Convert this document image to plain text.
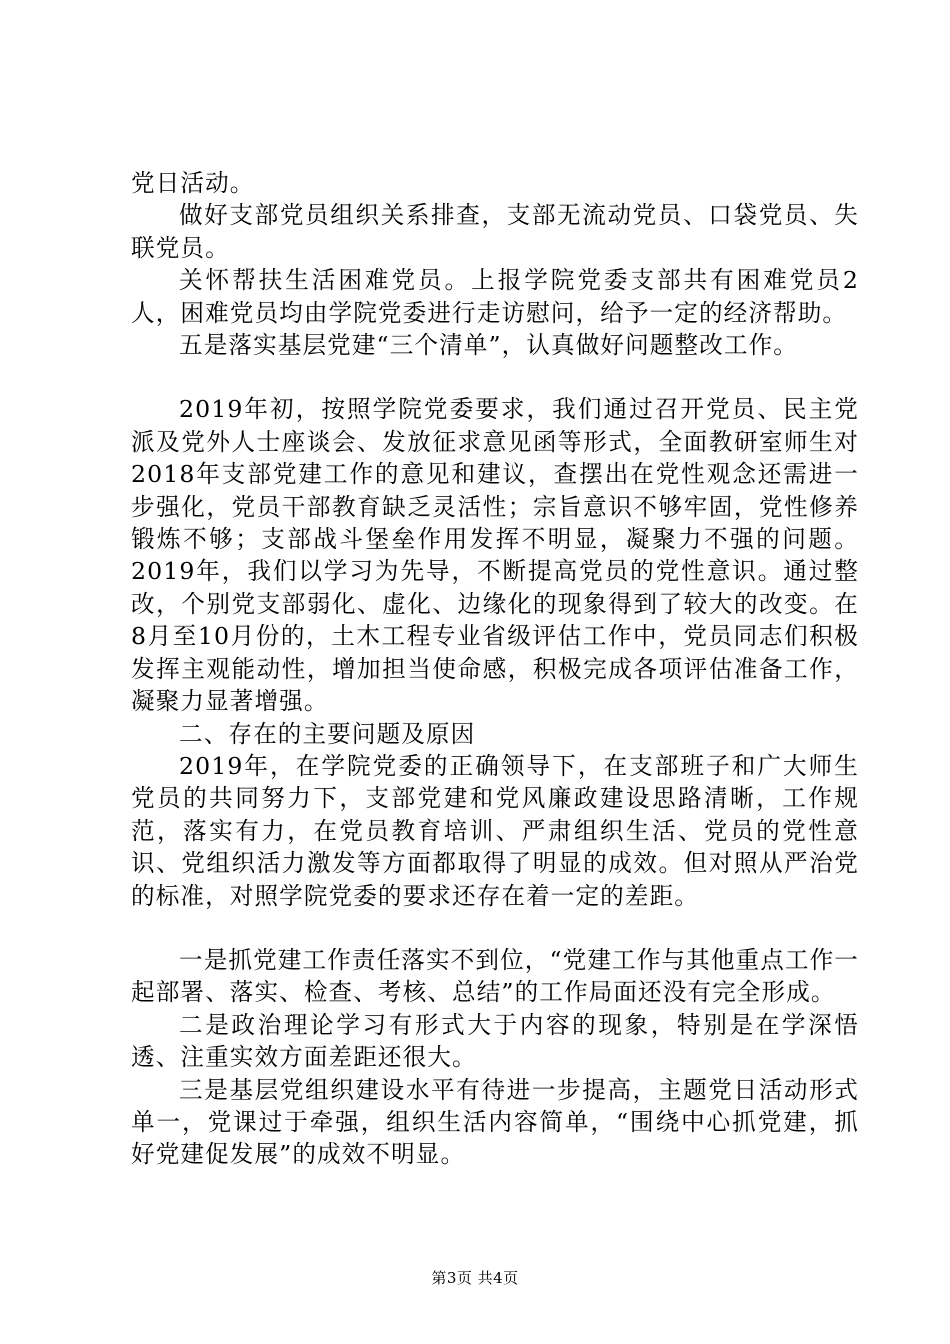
党日活动。

做好支部党员组织关系排查，支部无流动党员、口袋党员、失联党员。

关怀帮扶生活困难党员。上报学院党委支部共有困难党员2人，困难党员均由学院党委进行走访慰问，给予一定的经济帮助。

五是落实基层党建“三个清单”，认真做好问题整改工作。

2019年初，按照学院党委要求，我们通过召开党员、民主党派及党外人士座谈会、发放征求意见函等形式，全面教研室师生对2018年支部党建工作的意见和建议，查摆出在党性观念还需进一步强化，党员干部教育缺乏灵活性；宗旨意识不够牢固，党性修养锻炼不够；支部战斗堡垒作用发挥不明显，凝聚力不强的问题。2019年，我们以学习为先导，不断提高党员的党性意识。通过整改，个别党支部弱化、虚化、边缘化的现象得到了较大的改变。在8月至10月份的，土木工程专业省级评估工作中，党员同志们积极发挥主观能动性，增加担当使命感，积极完成各项评估准备工作，凝聚力显著增强。

二、存在的主要问题及原因

2019年，在学院党委的正确领导下，在支部班子和广大师生党员的共同努力下，支部党建和党风廉政建设思路清晰，工作规范，落实有力，在党员教育培训、严肃组织生活、党员的党性意识、党组织活力激发等方面都取得了明显的成效。但对照从严治党的标准，对照学院党委的要求还存在着一定的差距。

一是抓党建工作责任落实不到位，“党建工作与其他重点工作一起部署、落实、检查、考核、总结”的工作局面还没有完全形成。

二是政治理论学习有形式大于内容的现象，特别是在学深悟透、注重实效方面差距还很大。

三是基层党组织建设水平有待进一步提高，主题党日活动形式单一，党课过于牵强，组织生活内容简单，“围绕中心抓党建，抓好党建促发展”的成效不明显。

第3页 共4页
